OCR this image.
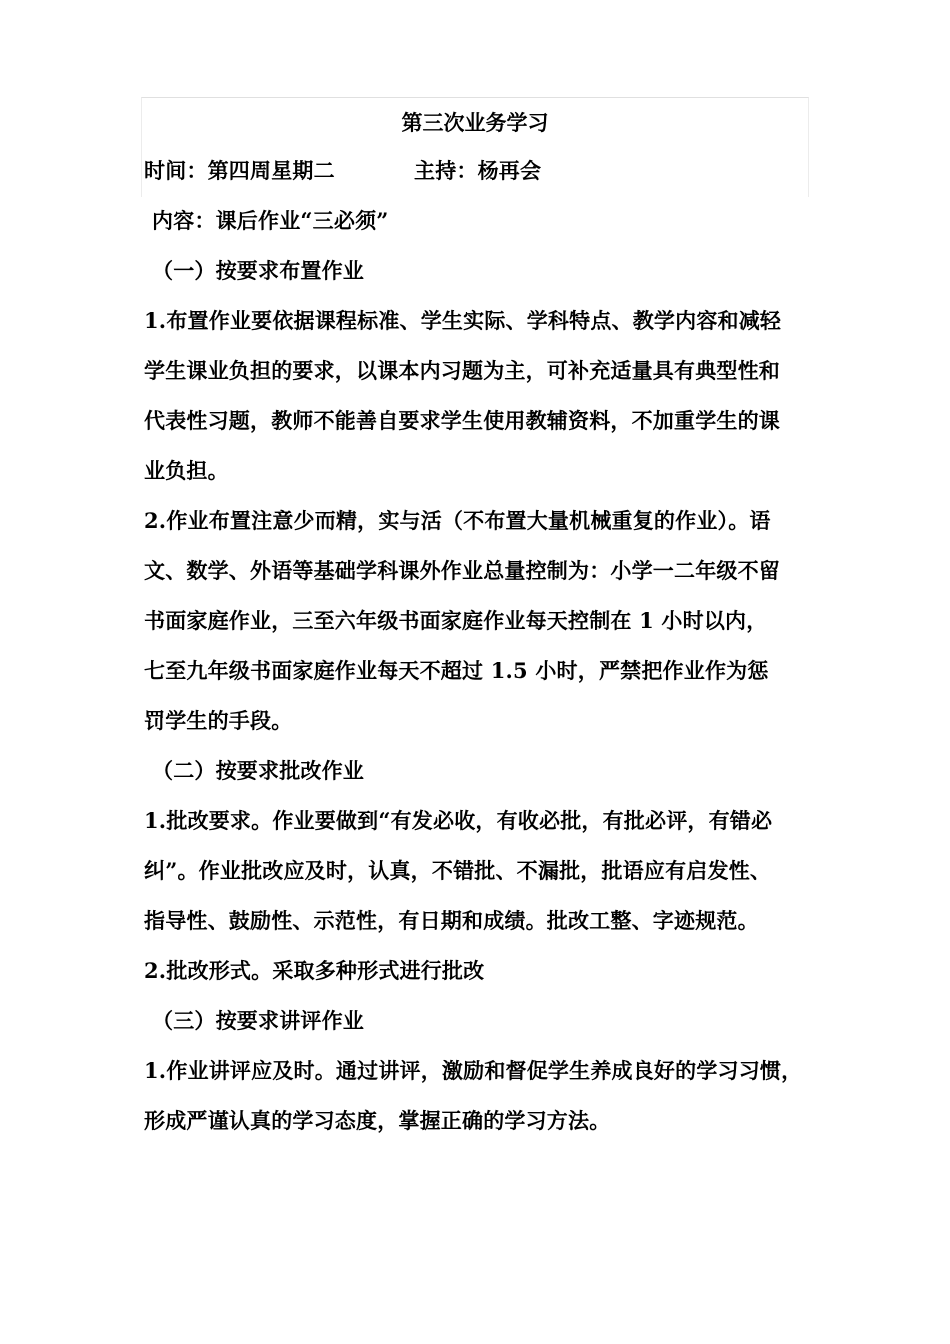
第三次业务学习
时间：第四周星期二	主持：杨再会
内容：课后作业“三必须”
（一）按要求布置作业
1.布置作业要依据课程标准、学生实际、学科特点、教学内容和减轻
学生课业负担的要求，以课本内习题为主，可补充适量具有典型性和
代表性习题，教师不能善自要求学生使用教辅资料，不加重学生的课
业负担。
2.作业布置注意少而精，实与活（不布置大量机械重复的作业）。语
文、数学、外语等基础学科课外作业总量控制为：小学一二年级不留
书面家庭作业，三至六年级书面家庭作业每天控制在 1 小时以内，
七至九年级书面家庭作业每天不超过 1.5 小时，严禁把作业作为惩
罚学生的手段。
（二）按要求批改作业
1.批改要求。作业要做到“有发必收，有收必批，有批必评，有错必
纠”。作业批改应及时，认真，不错批、不漏批，批语应有启发性、
指导性、鼓励性、示范性，有日期和成绩。批改工整、字迹规范。
2.批改形式。采取多种形式进行批改
（三）按要求讲评作业
1.作业讲评应及时。通过讲评，激励和督促学生养成良好的学习习惯，
形成严谨认真的学习态度，掌握正确的学习方法。
